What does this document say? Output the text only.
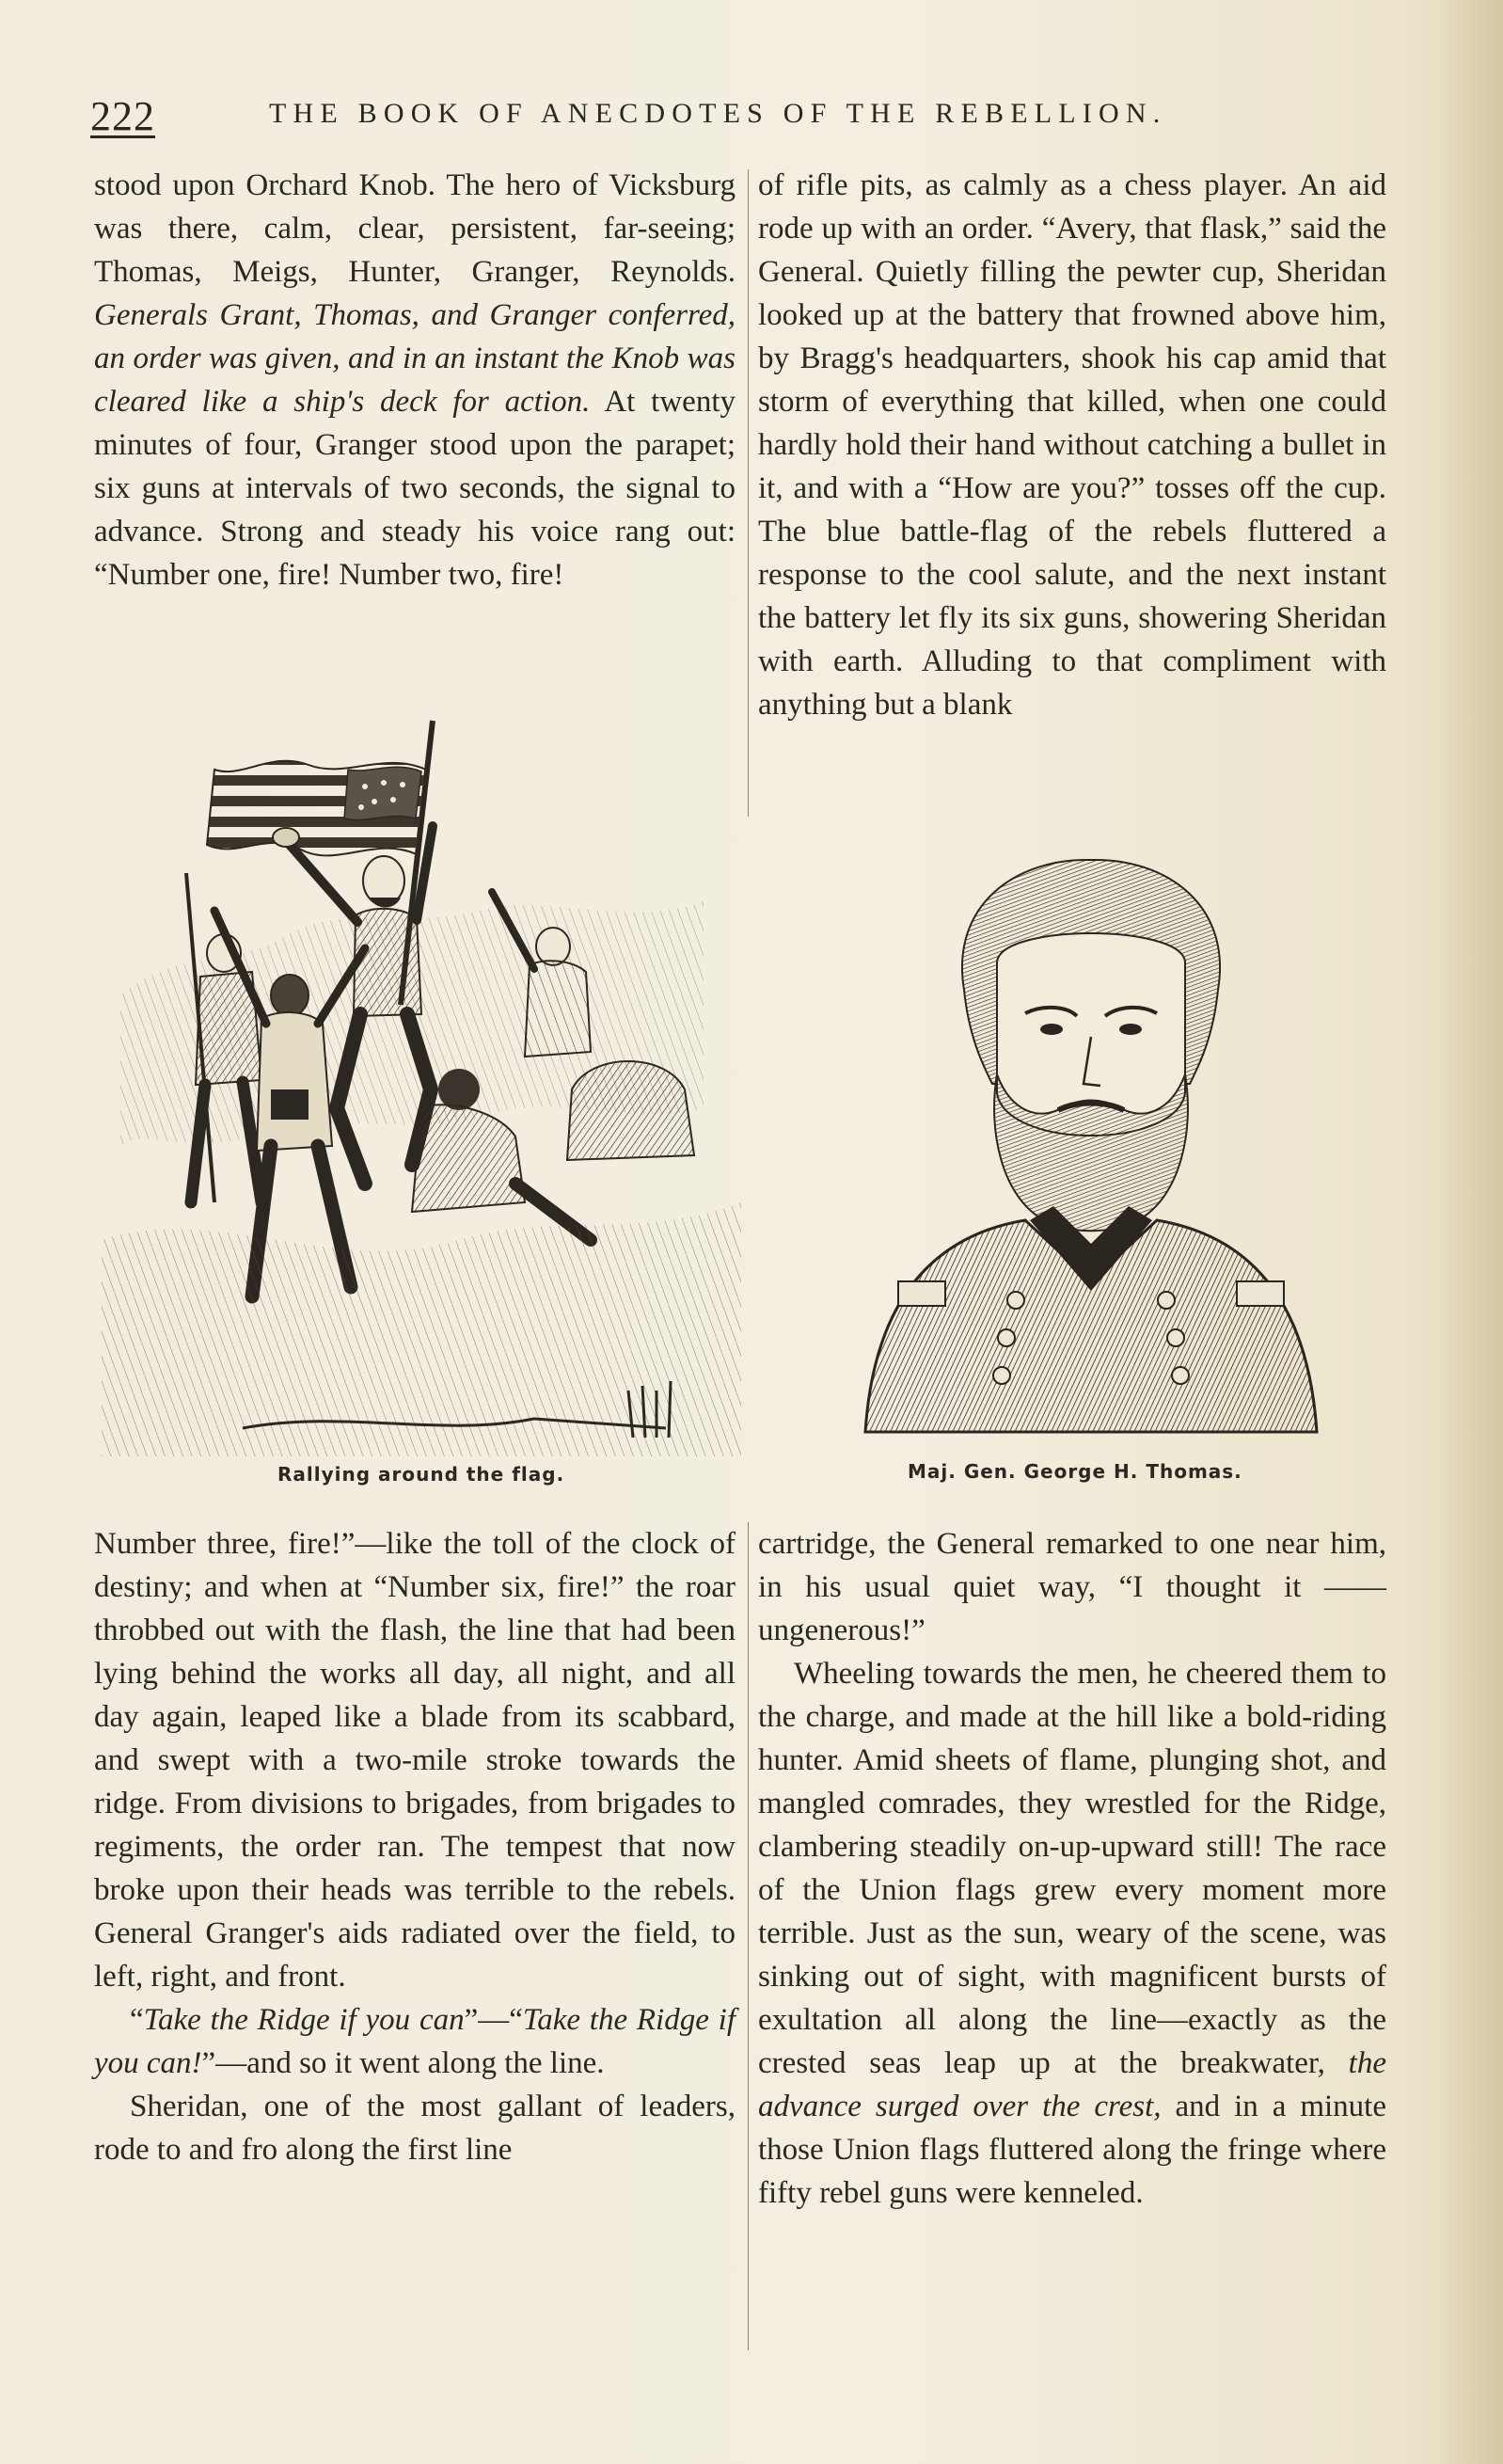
222	THE BOOK OF ANECDOTES OF THE REBELLION.

stood upon Orchard Knob. The hero of Vicksburg was there, calm, clear, persistent, far-seeing; Thomas, Meigs, Hunter, Granger, Reynolds. Generals Grant, Thomas, and Granger conferred, an order was given, and in an instant the Knob was cleared like a ship's deck for action. At twenty minutes of four, Granger stood upon the parapet; six guns at intervals of two seconds, the signal to advance. Strong and steady his voice rang out: “Number one, fire! Number two, fire!

of rifle pits, as calmly as a chess player. An aid rode up with an order. “Avery, that flask,” said the General. Quietly filling the pewter cup, Sheridan looked up at the battery that frowned above him, by Bragg's headquarters, shook his cap amid that storm of everything that killed, when one could hardly hold their hand without catching a bullet in it, and with a “How are you?” tosses off the cup. The blue battle-flag of the rebels fluttered a response to the cool salute, and the next instant the battery let fly its six guns, showering Sheridan with earth. Alluding to that compliment with anything but a blank

Rallying around the flag.	Maj. Gen. George H. Thomas.

Number three, fire!”—like the toll of the clock of destiny; and when at “Number six, fire!” the roar throbbed out with the flash, the line that had been lying behind the works all day, all night, and all day again, leaped like a blade from its scabbard, and swept with a two-mile stroke towards the ridge. From divisions to brigades, from brigades to regiments, the order ran. The tempest that now broke upon their heads was terrible to the rebels. General Granger's aids radiated over the field, to left, right, and front.

“Take the Ridge if you can”—“Take the Ridge if you can!”—and so it went along the line.

Sheridan, one of the most gallant of leaders, rode to and fro along the first line

cartridge, the General remarked to one near him, in his usual quiet way, “I thought it —— ungenerous!”

Wheeling towards the men, he cheered them to the charge, and made at the hill like a bold-riding hunter. Amid sheets of flame, plunging shot, and mangled comrades, they wrestled for the Ridge, clambering steadily on-up-upward still! The race of the Union flags grew every moment more terrible. Just as the sun, weary of the scene, was sinking out of sight, with magnificent bursts of exultation all along the line—exactly as the crested seas leap up at the breakwater, the advance surged over the crest, and in a minute those Union flags fluttered along the fringe where fifty rebel guns were kenneled.
